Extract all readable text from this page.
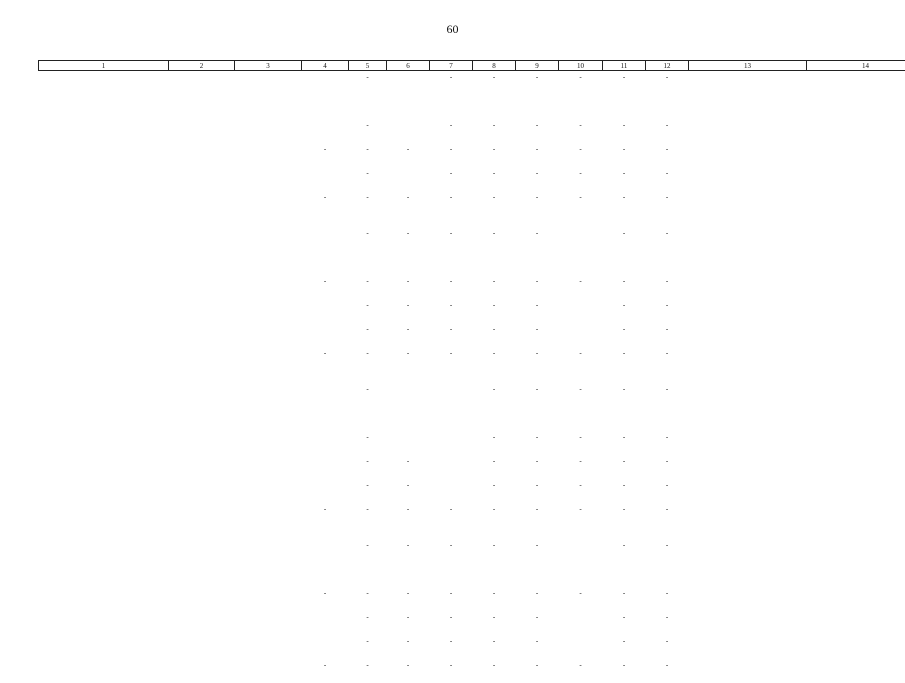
60
1	2	3	4	5	6	7	8	9	10	11	12	13	14
				-		-	-	-	-	-	-		

				-		-	-	-	-	-	-		
			-	-	-	-	-	-	-	-	-		
				-		-	-	-	-	-	-		
			-	-	-	-	-	-	-	-	-		

				-	-	-	-	-		-	-		

			-	-	-	-	-	-	-	-	-		
				-	-	-	-	-		-	-		
				-	-	-	-	-		-	-		
			-	-	-	-	-	-	-	-	-		

				-			-	-	-	-	-		

				-			-	-	-	-	-		
				-	-		-	-	-	-	-		
				-	-		-	-	-	-	-		
			-	-	-	-	-	-	-	-	-		

				-	-	-	-	-		-	-		

			-	-	-	-	-	-	-	-	-		
				-	-	-	-	-		-	-		
				-	-	-	-	-		-	-		
			-	-	-	-	-	-	-	-	-		
